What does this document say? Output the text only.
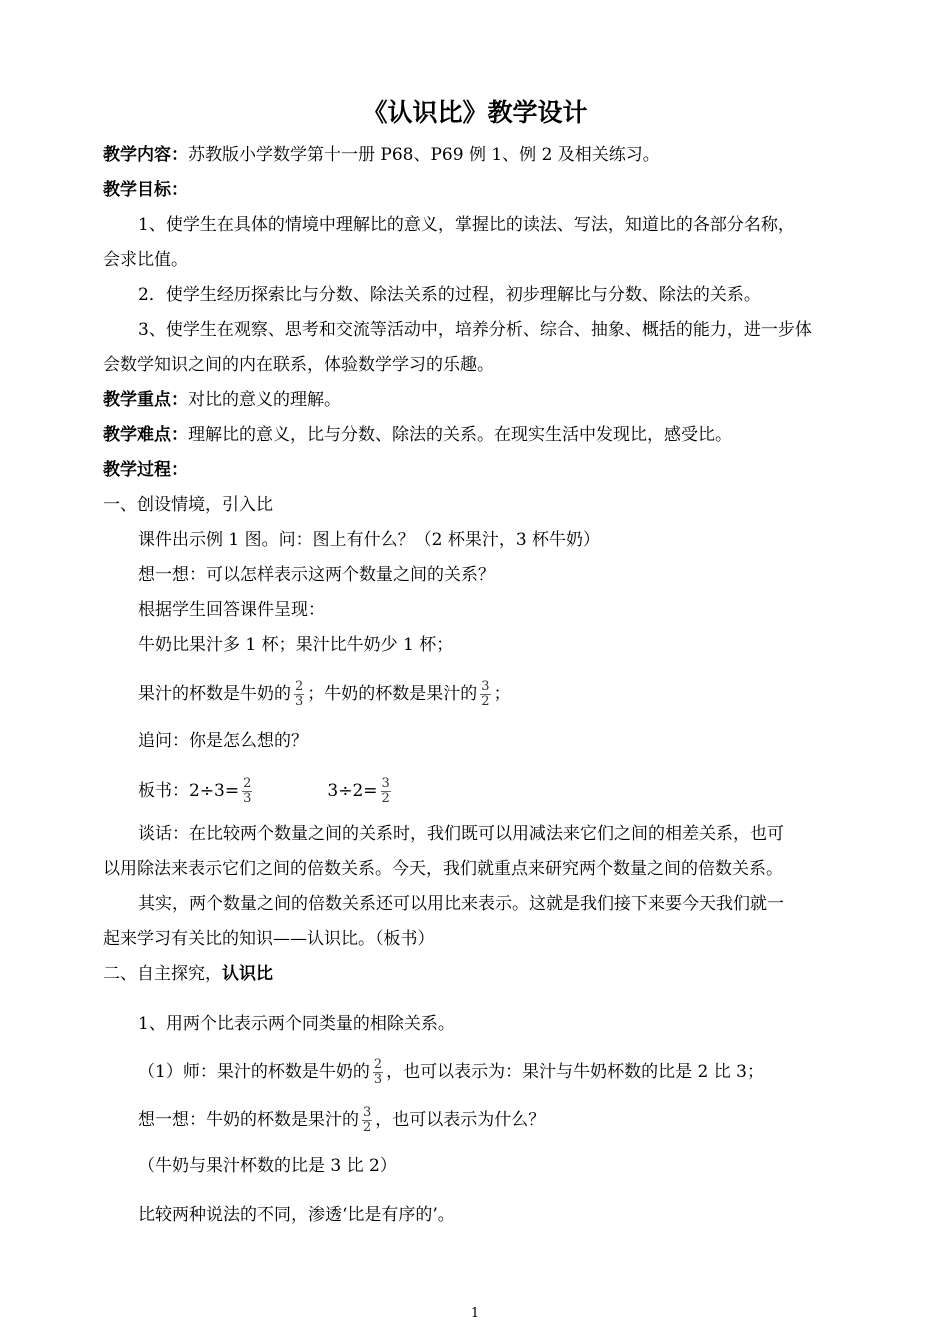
《认识比》教学设计
教学内容：苏教版小学数学第十一册 P68、P69 例 1、例 2 及相关练习。
教学目标：
1、使学生在具体的情境中理解比的意义，掌握比的读法、写法，知道比的各部分名称，
会求比值。
2．使学生经历探索比与分数、除法关系的过程，初步理解比与分数、除法的关系。
3、使学生在观察、思考和交流等活动中，培养分析、综合、抽象、概括的能力，进一步体
会数学知识之间的内在联系，体验数学学习的乐趣。
教学重点：对比的意义的理解。
教学难点：理解比的意义，比与分数、除法的关系。在现实生活中发现比，感受比。
教学过程：
一、创设情境，引入比
课件出示例 1 图。问：图上有什么？（2 杯果汁，3 杯牛奶）
想一想：可以怎样表示这两个数量之间的关系？
根据学生回答课件呈现：
牛奶比果汁多 1 杯；果汁比牛奶少 1 杯；
果汁的杯数是牛奶的 $\frac{2}{3}$ ；牛奶的杯数是果汁的 $\frac{3}{2}$ ；
追问：你是怎么想的？
板书：$2\div 3= \frac{2}{3}$	$3\div 2= \frac{3}{2}$
谈话：在比较两个数量之间的关系时，我们既可以用减法来它们之间的相差关系，也可
以用除法来表示它们之间的倍数关系。今天，我们就重点来研究两个数量之间的倍数关系。
其实，两个数量之间的倍数关系还可以用比来表示。这就是我们接下来要今天我们就一
起来学习有关比的知识——认识比。（板书）
二、自主探究，认识比
1、用两个比表示两个同类量的相除关系。
（1）师：果汁的杯数是牛奶的 $\frac{2}{3}$ ，也可以表示为：果汁与牛奶杯数的比是 2 比 3；
想一想：牛奶的杯数是果汁的 $\frac{3}{2}$ ，也可以表示为什么？
（牛奶与果汁杯数的比是 3 比 2）
比较两种说法的不同，渗透‘比是有序的’。
1
